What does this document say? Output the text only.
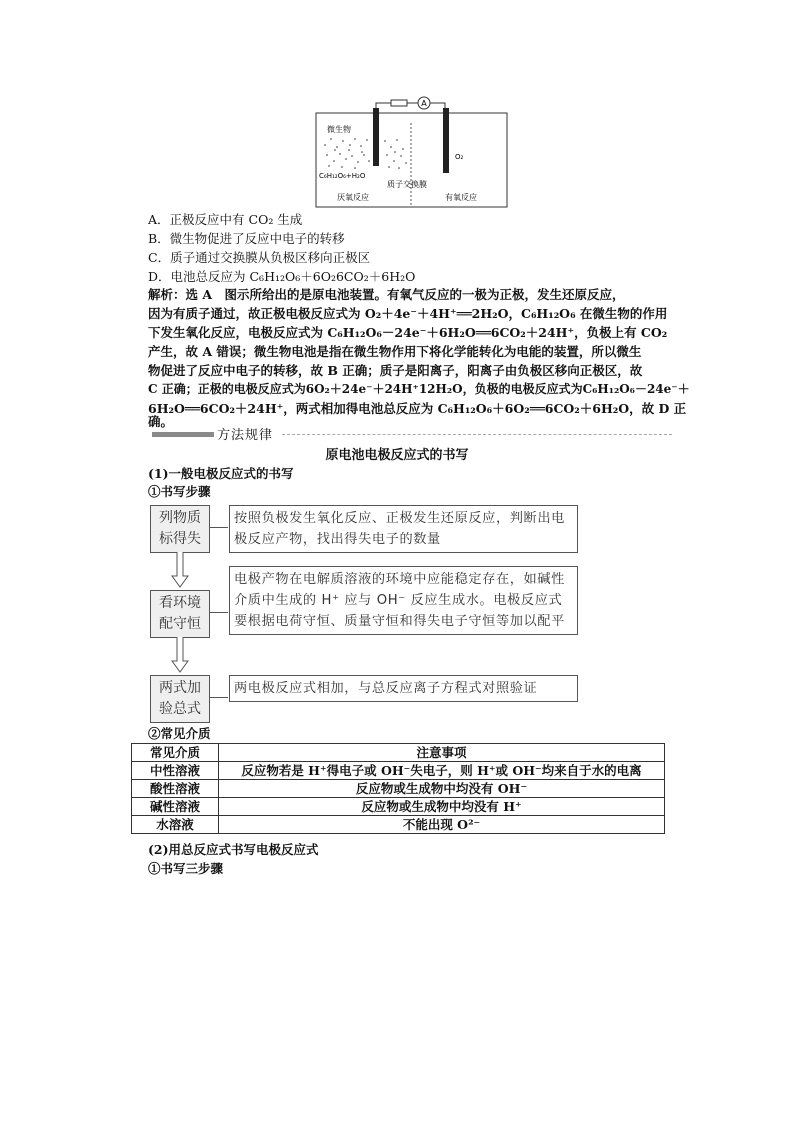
A
微生物
C₆H₁₂O₆+H₂O
O₂
质子交换膜
厌氧反应	有氧反应
A．正极反应中有 CO₂ 生成
B．微生物促进了反应中电子的转移
C．质子通过交换膜从负极区移向正极区
D．电池总反应为 C₆H₁₂O₆＋6O₂6CO₂＋6H₂O
解析：选 A　图示所给出的是原电池装置。有氧气反应的一极为正极，发生还原反应，
因为有质子通过，故正极电极反应式为 O₂＋4e⁻＋4H⁺══2H₂O，C₆H₁₂O₆ 在微生物的作用
下发生氧化反应，电极反应式为 C₆H₁₂O₆－24e⁻＋6H₂O══6CO₂＋24H⁺，负极上有 CO₂
产生，故 A 错误；微生物电池是指在微生物作用下将化学能转化为电能的装置，所以微生
物促进了反应中电子的转移，故 B 正确；质子是阳离子，阳离子由负极区移向正极区，故
C 正确；正极的电极反应式为6O₂＋24e⁻＋24H⁺12H₂O，负极的电极反应式为C₆H₁₂O₆－24e⁻＋
6H₂O══6CO₂＋24H⁺，两式相加得电池总反应为 C₆H₁₂O₆＋6O₂══6CO₂＋6H₂O，故 D 正
确。
方法规律
原电池电极反应式的书写
(1)一般电极反应式的书写
①书写步骤
列物质
标得失
按照负极发生氧化反应、正极发生还原反应，判断出电极反应产物，找出得失电子的数量
看环境
配守恒
电极产物在电解质溶液的环境中应能稳定存在，如碱性介质中生成的 H⁺ 应与 OH⁻ 反应生成水。电极反应式要根据电荷守恒、质量守恒和得失电子守恒等加以配平
两式加
验总式
两电极反应式相加，与总反应离子方程式对照验证
②常见介质
常见介质	注意事项
中性溶液	反应物若是 H⁺得电子或 OH⁻失电子，则 H⁺或 OH⁻均来自于水的电离
酸性溶液	反应物或生成物中均没有 OH⁻
碱性溶液	反应物或生成物中均没有 H⁺
水溶液	不能出现 O²⁻
(2)用总反应式书写电极反应式
①书写三步骤
